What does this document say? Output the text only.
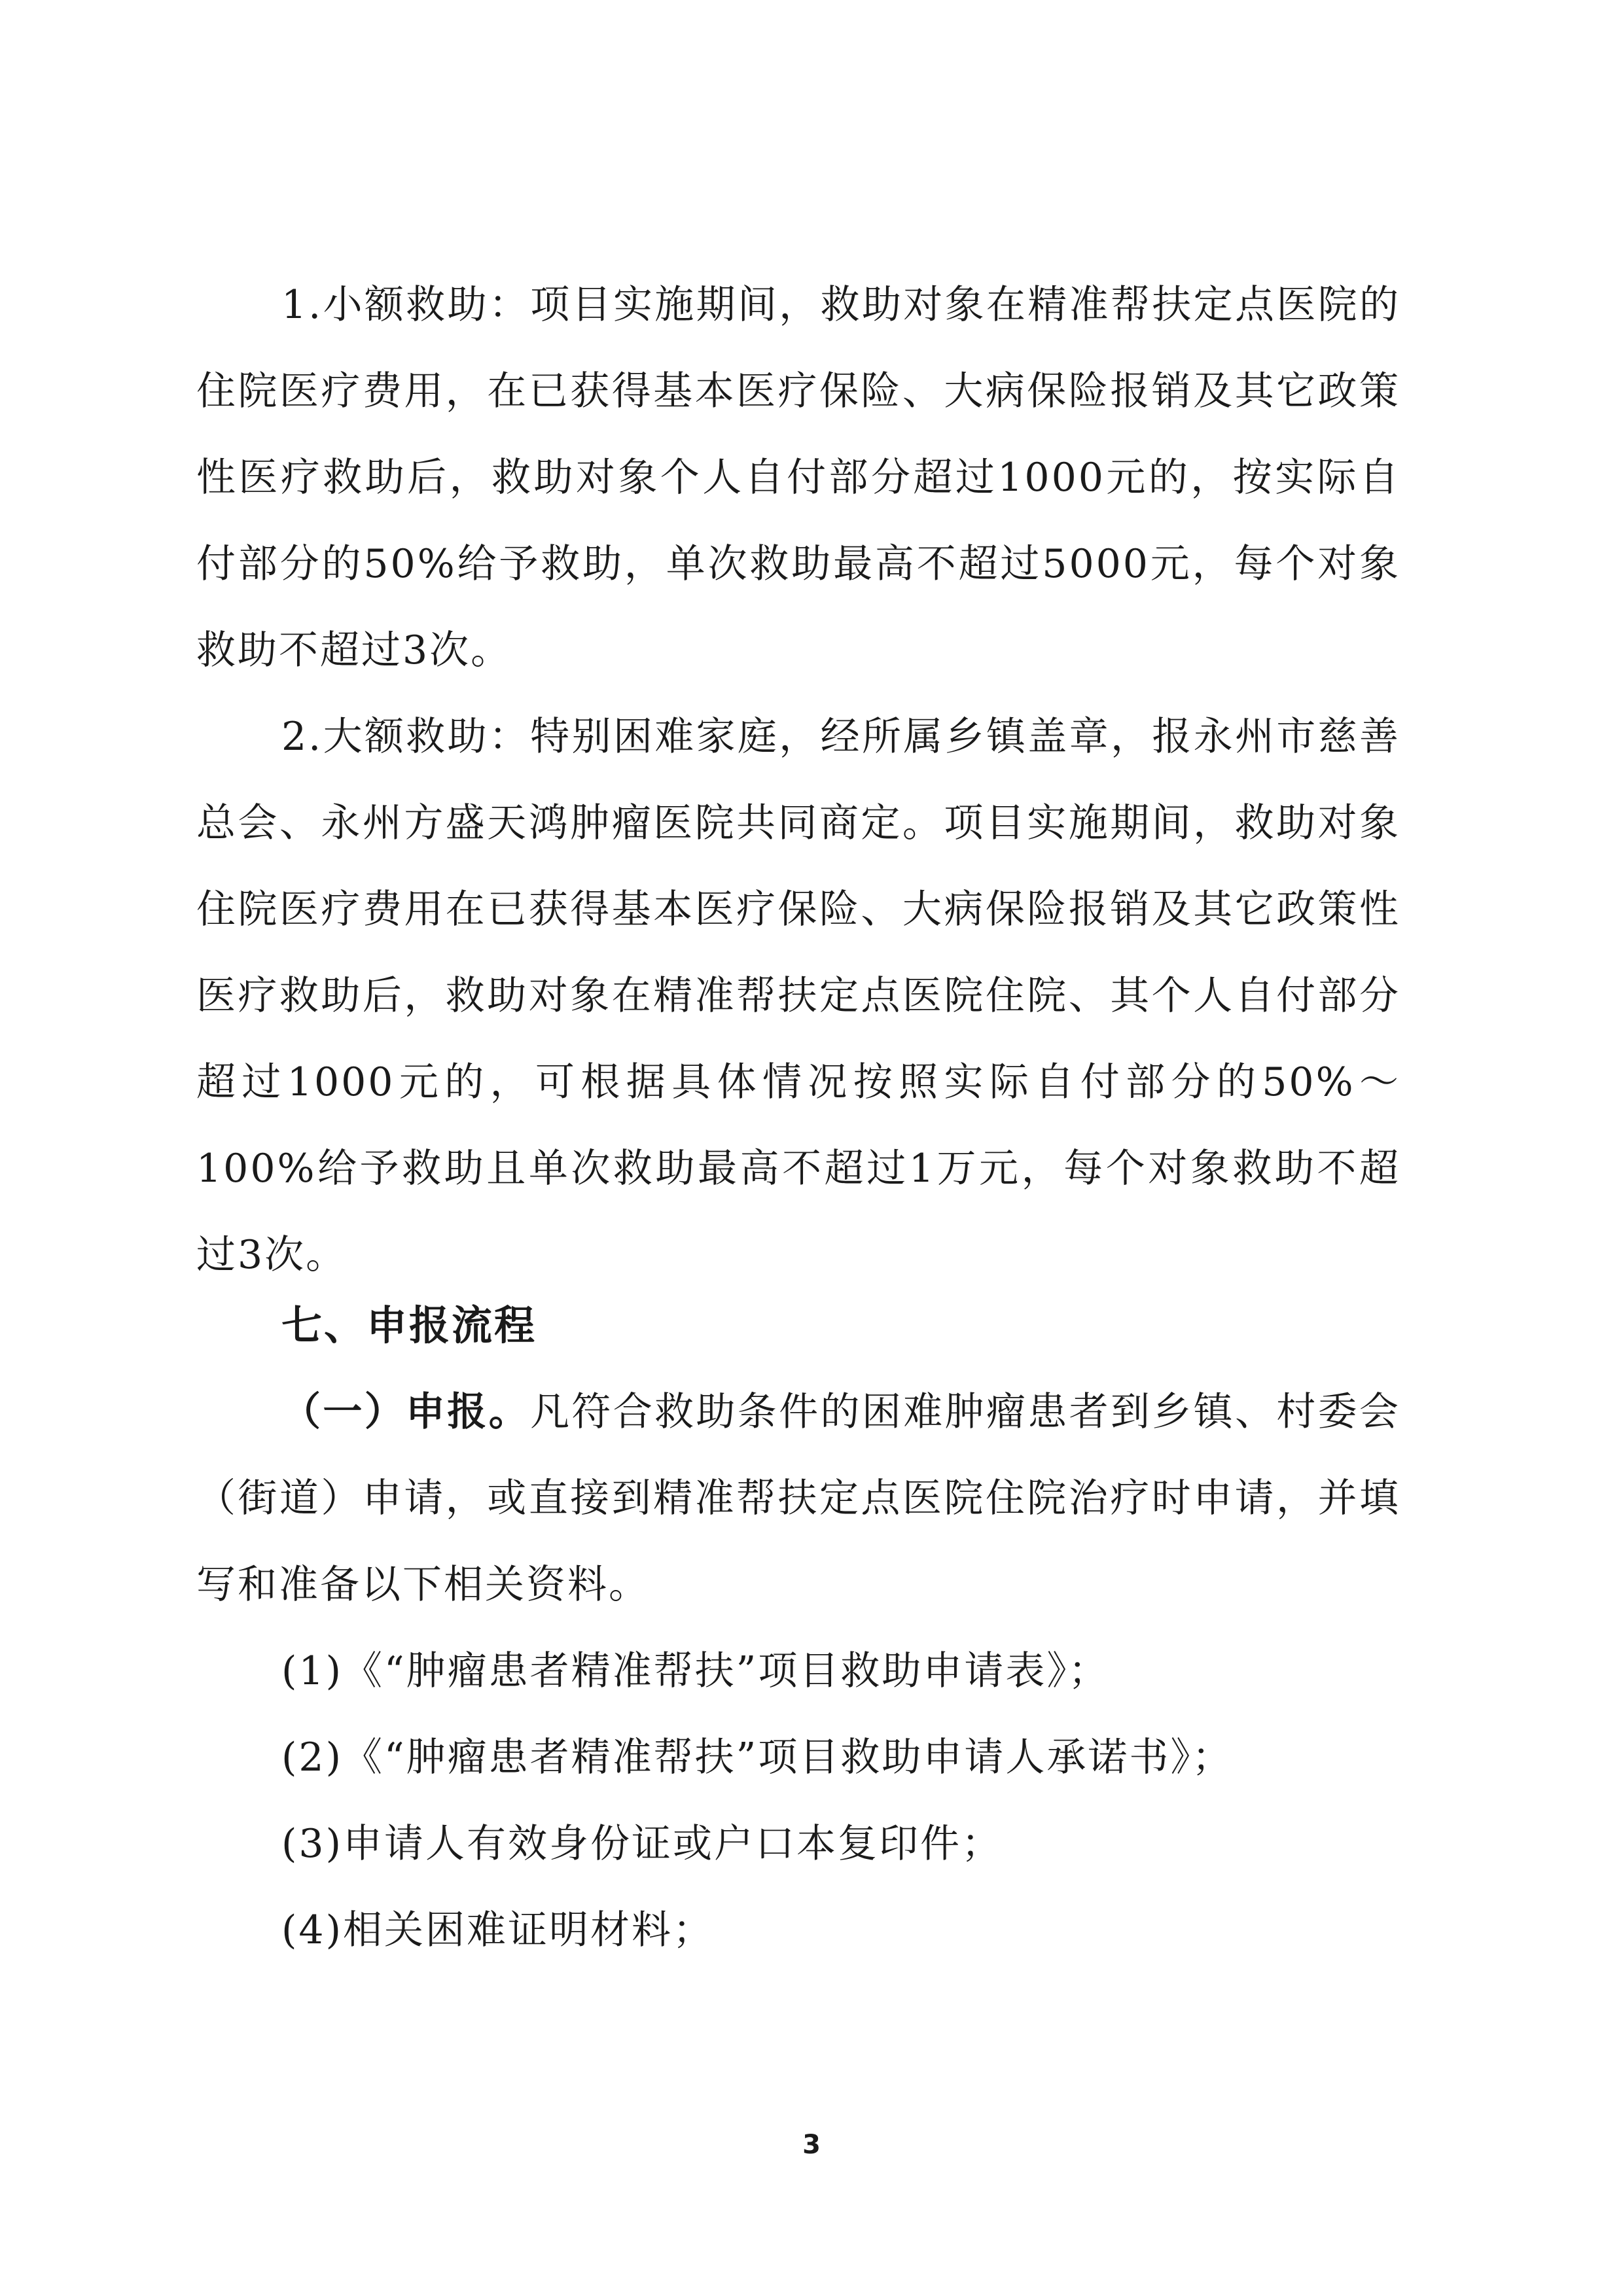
1.小额救助：项目实施期间，救助对象在精准帮扶定点医院的住院医疗费用，在已获得基本医疗保险、大病保险报销及其它政策性医疗救助后，救助对象个人自付部分超过1000元的，按实际自付部分的50%给予救助，单次救助最高不超过5000元，每个对象救助不超过3次。

2.大额救助：特别困难家庭，经所属乡镇盖章，报永州市慈善总会、永州方盛天鸿肿瘤医院共同商定。项目实施期间，救助对象住院医疗费用在已获得基本医疗保险、大病保险报销及其它政策性医疗救助后，救助对象在精准帮扶定点医院住院、其个人自付部分超过1000元的，可根据具体情况按照实际自付部分的50%～100%给予救助且单次救助最高不超过1万元，每个对象救助不超过3次。

七、申报流程

（一）申报。凡符合救助条件的困难肿瘤患者到乡镇、村委会（街道）申请，或直接到精准帮扶定点医院住院治疗时申请，并填写和准备以下相关资料。

(1)《“肿瘤患者精准帮扶”项目救助申请表》；

(2)《“肿瘤患者精准帮扶”项目救助申请人承诺书》；

(3)申请人有效身份证或户口本复印件；

(4)相关困难证明材料；

3
